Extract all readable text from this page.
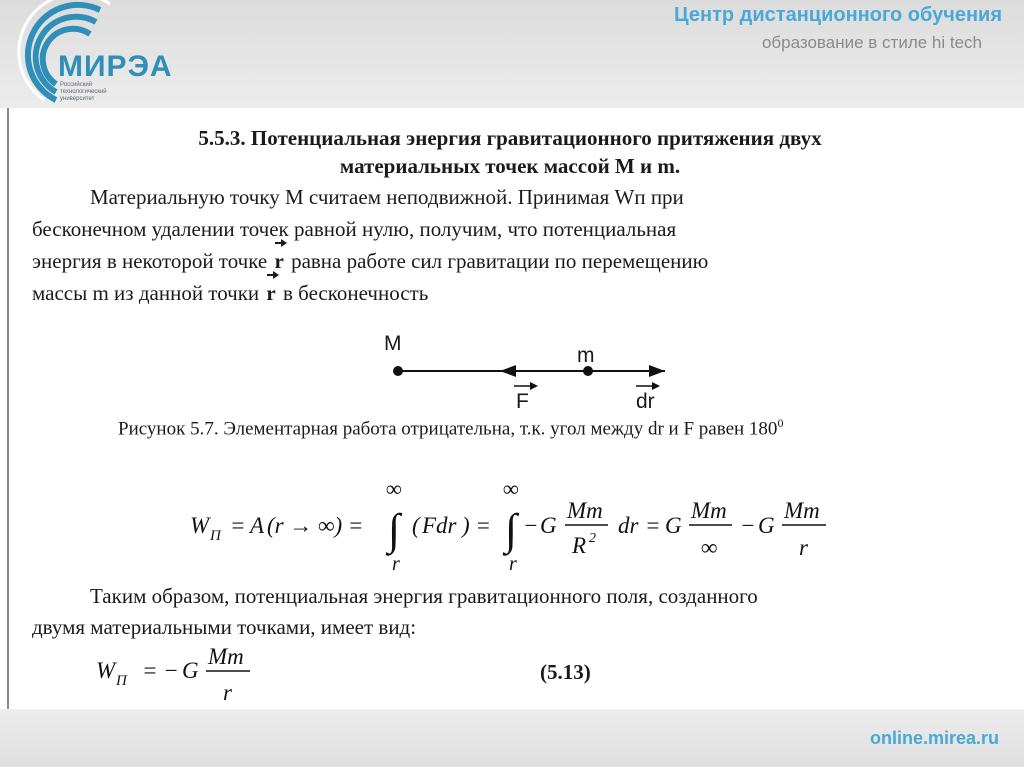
МИРЭА
Российский технологический университет
Центр дистанционного обучения
образование в стиле hi tech
5.5.3. Потенциальная энергия гравитационного притяжения двух
материальных точек массой М и m.
Материальную точку М считаем неподвижной. Принимая Wп при
бесконечном удалении точек равной нулю, получим, что потенциальная
энергия в некоторой точке r равна работе сил гравитации по перемещению
массы m из данной точки r в бесконечность
M
m
F	dr
Рисунок 5.7. Элементарная работа отрицательна, т.к. угол между dr и F равен $180^0$
W П = A (r → ∞) =
∞
∫
r
( Fdr ) =
∞
∫
r
− G
Mm
R 2
dr = G
Mm
∞
− G
Mm
r
Таким образом, потенциальная энергия гравитационного поля, созданного
двумя материальными точками, имеет вид:
W П = − G
Mm
r
(5.13)
online.mirea.ru
